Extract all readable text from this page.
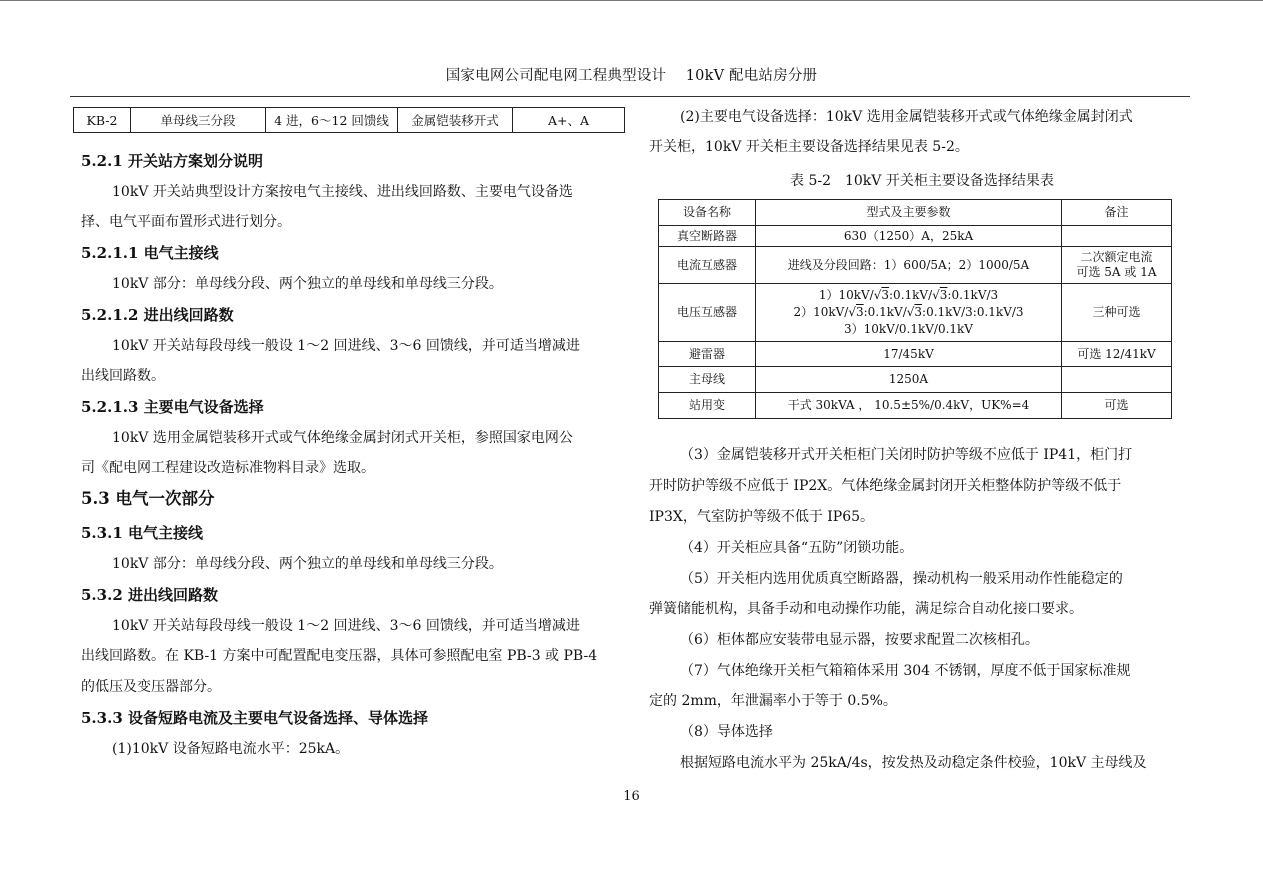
国家电网公司配电网工程典型设计　 10kV 配电站房分册
KB-2	单母线三分段	4 进，6～12 回馈线	金属铠装移开式	A+、A
5.2.1 开关站方案划分说明
10kV 开关站典型设计方案按电气主接线、进出线回路数、主要电气设备选
择、电气平面布置形式进行划分。
5.2.1.1 电气主接线
10kV 部分：单母线分段、两个独立的单母线和单母线三分段。
5.2.1.2 进出线回路数
10kV 开关站每段母线一般设 1～2 回进线、3～6 回馈线，并可适当增减进
出线回路数。
5.2.1.3 主要电气设备选择
10kV 选用金属铠装移开式或气体绝缘金属封闭式开关柜，参照国家电网公
司《配电网工程建设改造标准物料目录》选取。
5.3 电气一次部分
5.3.1 电气主接线
10kV 部分：单母线分段、两个独立的单母线和单母线三分段。
5.3.2 进出线回路数
10kV 开关站每段母线一般设 1～2 回进线、3～6 回馈线，并可适当增减进
出线回路数。在 KB-1 方案中可配置配电变压器，具体可参照配电室 PB-3 或 PB-4
的低压及变压器部分。
5.3.3 设备短路电流及主要电气设备选择、导体选择
(1)10kV 设备短路电流水平：25kA。
(2)主要电气设备选择：10kV 选用金属铠装移开式或气体绝缘金属封闭式
开关柜，10kV 开关柜主要设备选择结果见表 5-2。
表 5-2　10kV 开关柜主要设备选择结果表
设备名称	型式及主要参数	备注
真空断路器	630（1250）A，25kA	
电流互感器	进线及分段回路：1）600/5A；2）1000/5A	二次额定电流
可选 5A 或 1A

电压互感器	1）10kV/√3:0.1kV/√3:0.1kV/3
2）10kV/√3:0.1kV/√3:0.1kV/3:0.1kV/3
3）10kV/0.1kV/0.1kV	三种可选
避雷器	17/45kV	可选 12/41kV
主母线	1250A	
站用变	干式 30kVA ， 10.5±5%/0.4kV，UK%=4	可选
（3）金属铠装移开式开关柜柜门关闭时防护等级不应低于 IP41，柜门打
开时防护等级不应低于 IP2X。气体绝缘金属封闭开关柜整体防护等级不低于
IP3X，气室防护等级不低于 IP65。
（4）开关柜应具备“五防”闭锁功能。
（5）开关柜内选用优质真空断路器，操动机构一般采用动作性能稳定的
弹簧储能机构，具备手动和电动操作功能，满足综合自动化接口要求。
（6）柜体都应安装带电显示器，按要求配置二次核相孔。
（7）气体绝缘开关柜气箱箱体采用 304 不锈钢，厚度不低于国家标准规
定的 2mm，年泄漏率小于等于 0.5%。
（8）导体选择
根据短路电流水平为 25kA/4s，按发热及动稳定条件校验，10kV 主母线及
16
